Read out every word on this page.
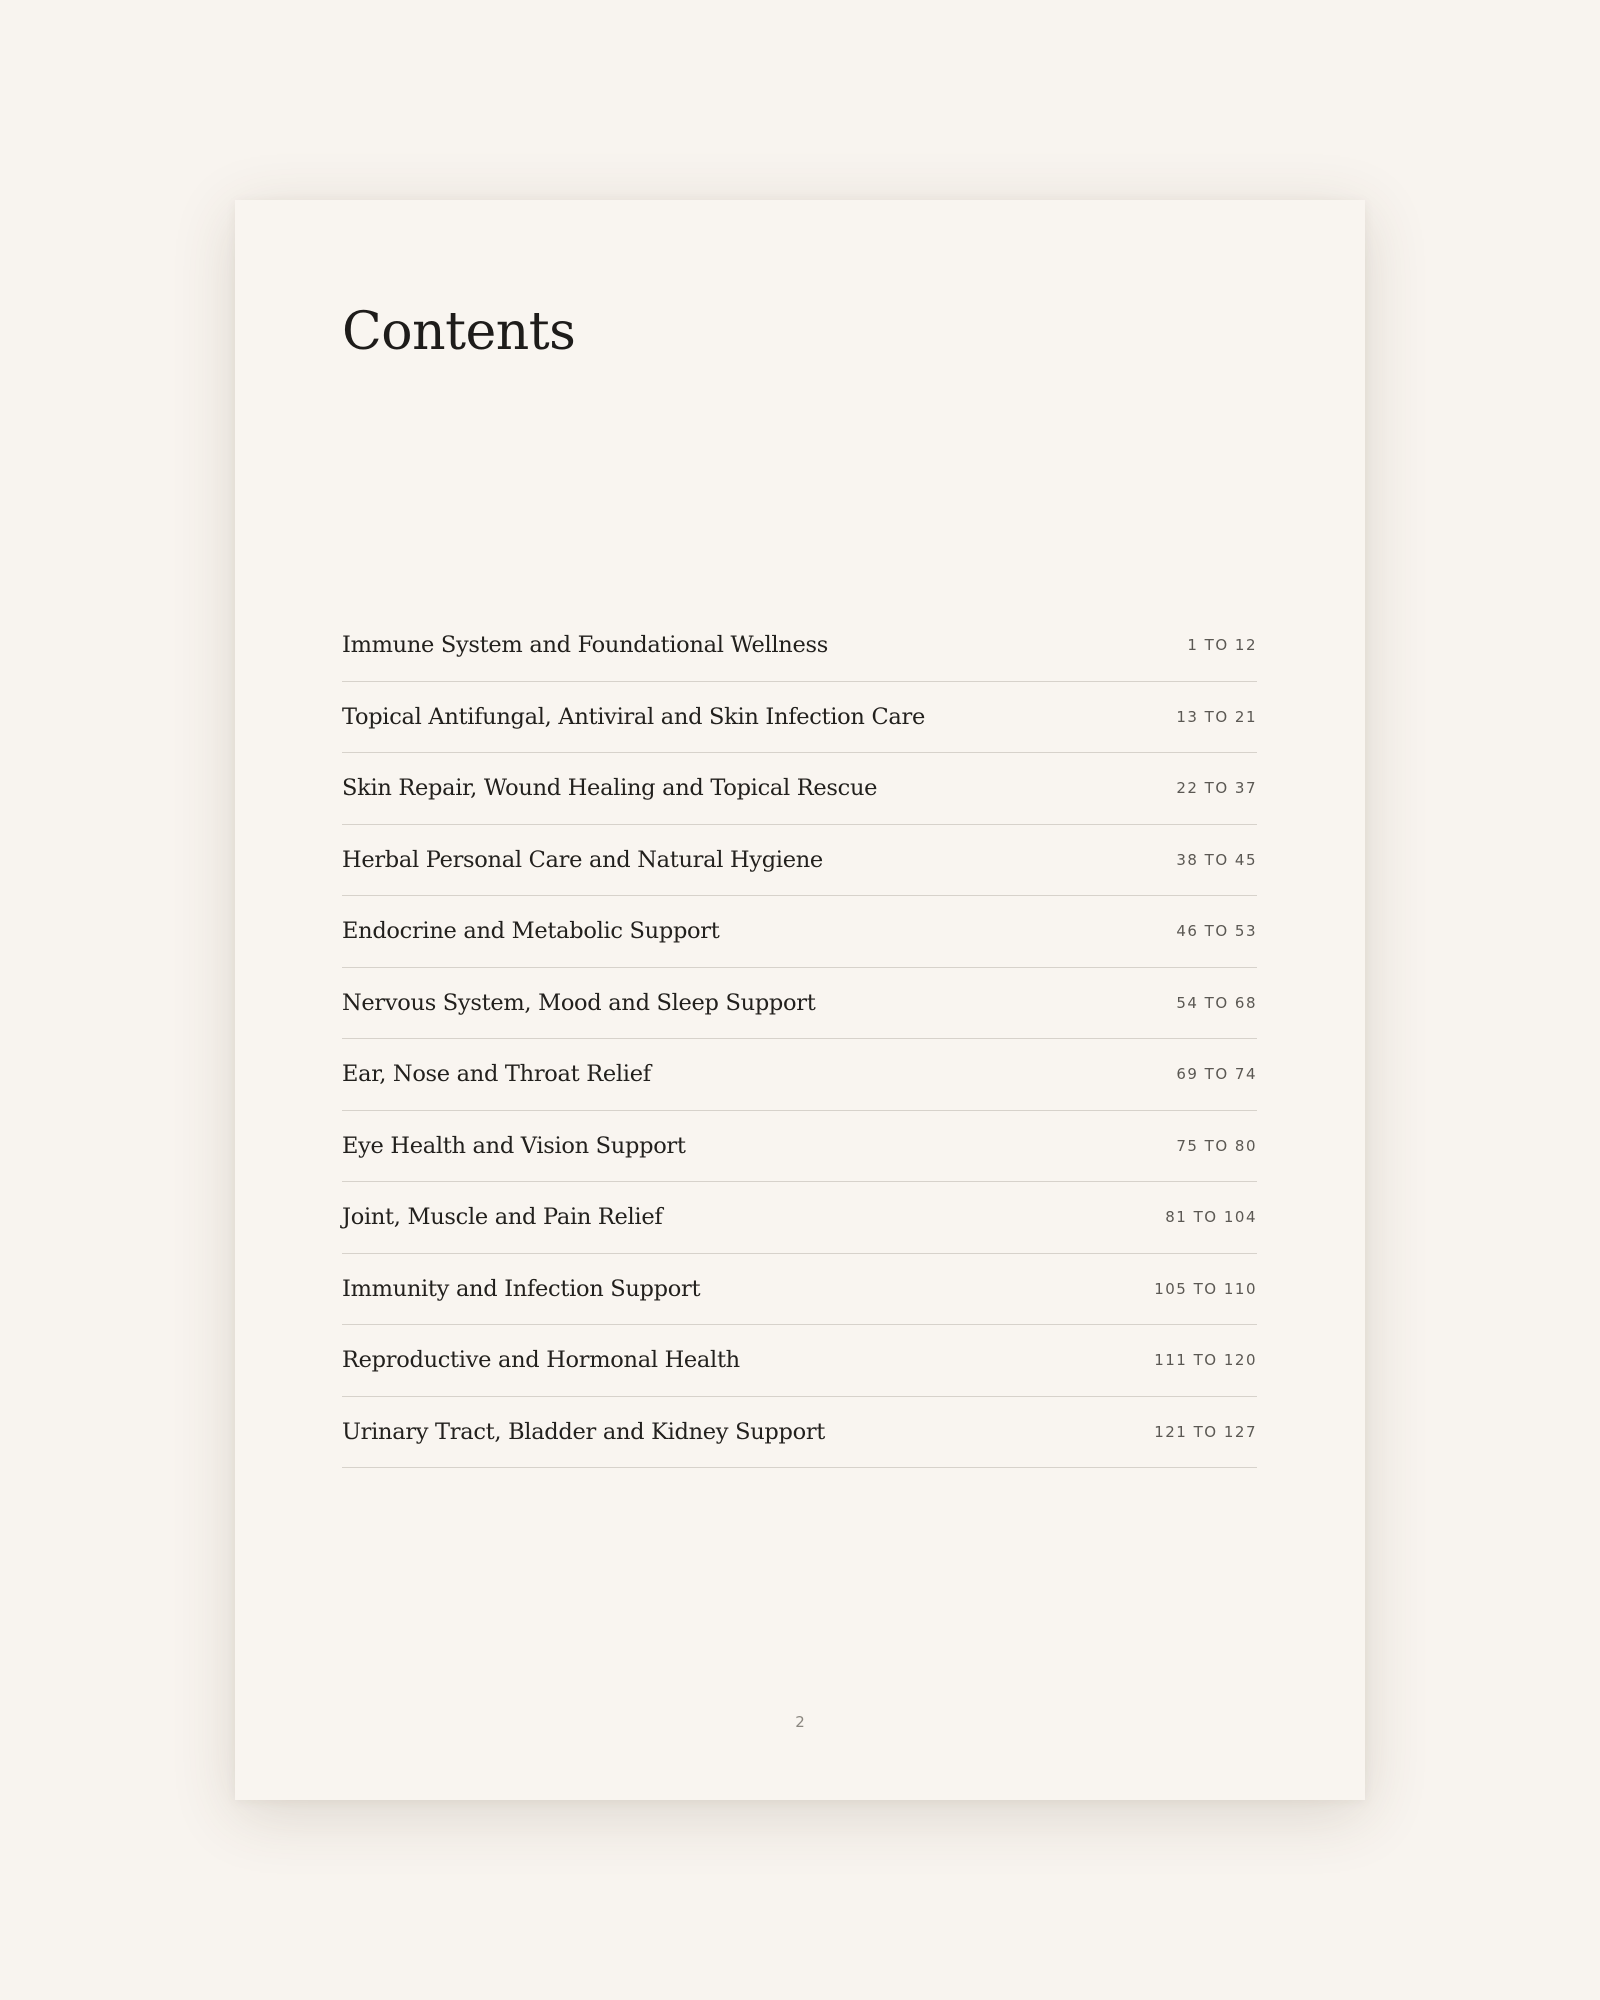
Contents
Immune System and Foundational Wellness	1 TO 12
Topical Antifungal, Antiviral and Skin Infection Care	13 TO 21
Skin Repair, Wound Healing and Topical Rescue	22 TO 37
Herbal Personal Care and Natural Hygiene	38 TO 45
Endocrine and Metabolic Support	46 TO 53
Nervous System, Mood and Sleep Support	54 TO 68
Ear, Nose and Throat Relief	69 TO 74
Eye Health and Vision Support	75 TO 80
Joint, Muscle and Pain Relief	81 TO 104
Immunity and Infection Support	105 TO 110
Reproductive and Hormonal Health	111 TO 120
Urinary Tract, Bladder and Kidney Support	121 TO 127
2
